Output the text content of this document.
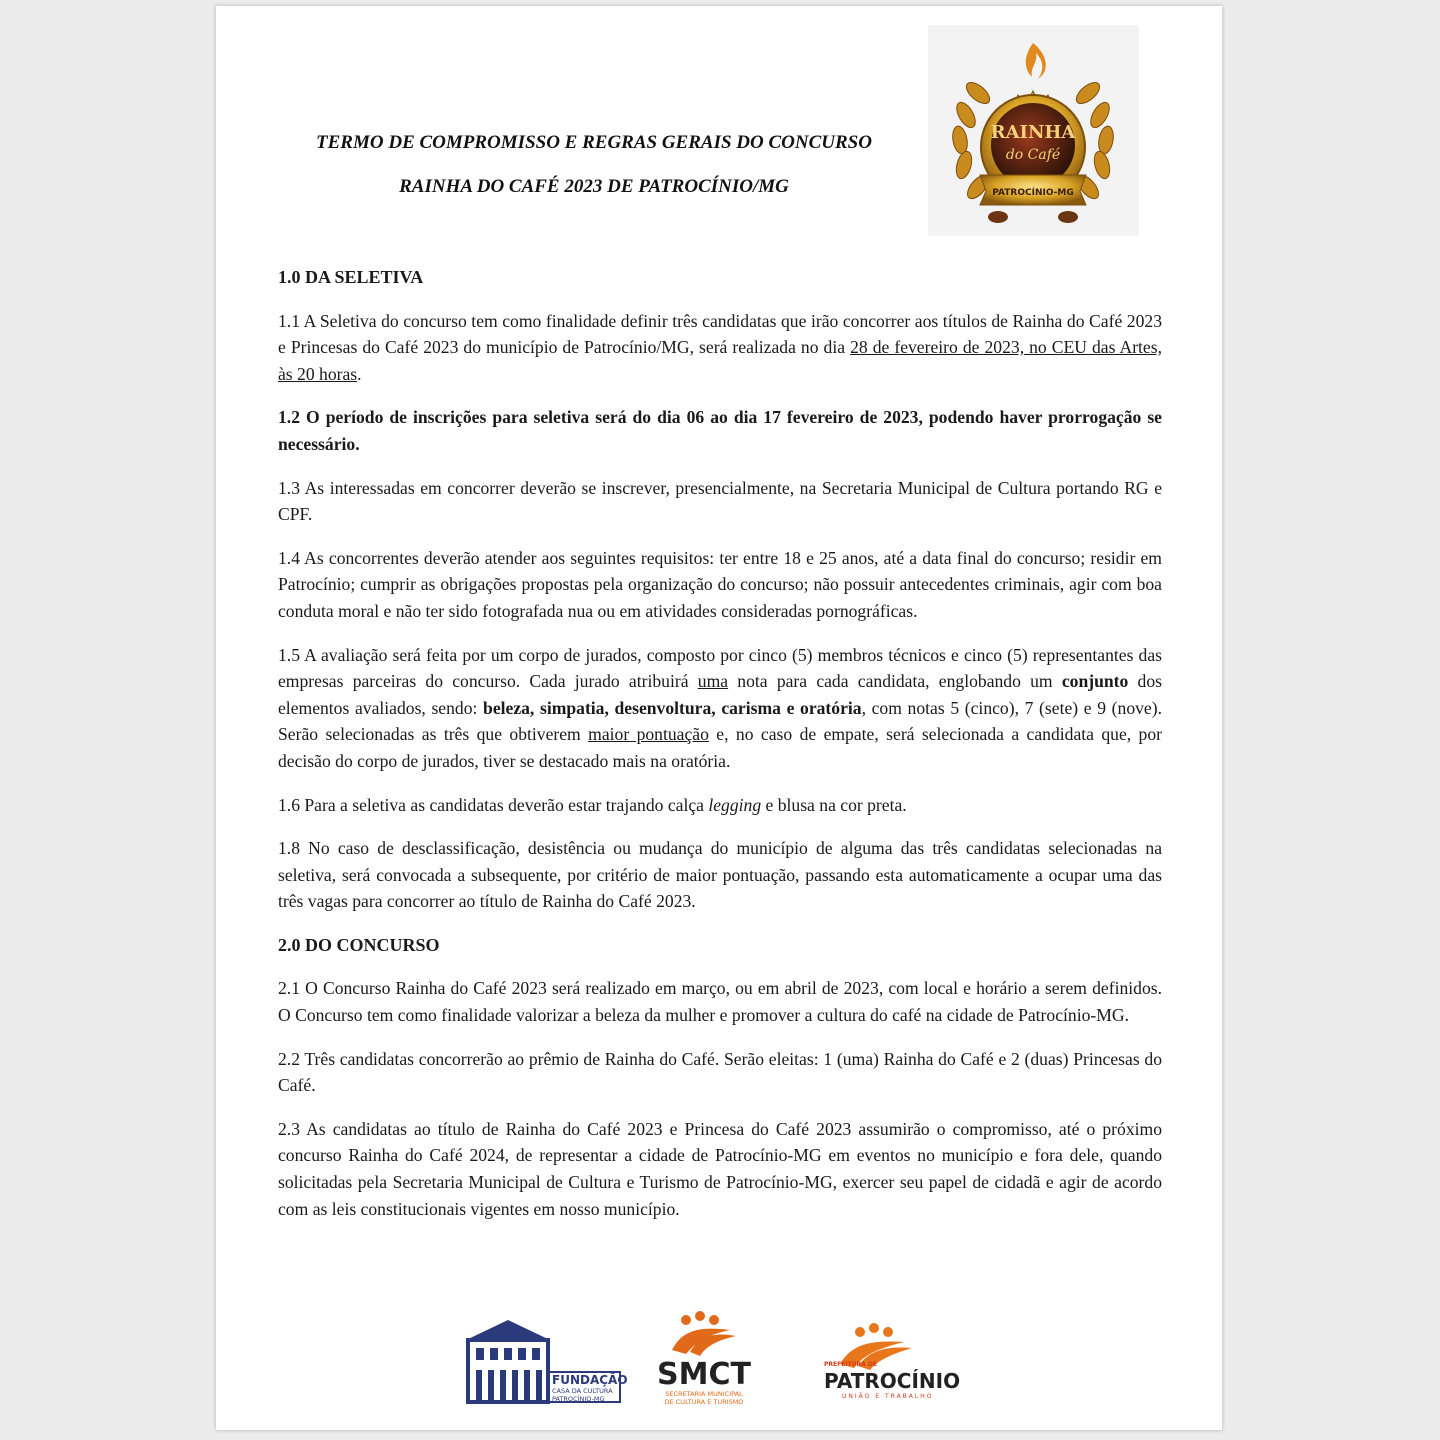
TERMO DE COMPROMISSO E REGRAS GERAIS DO CONCURSO
RAINHA DO CAFÉ 2023 DE PATROCÍNIO/MG
RAINHA
do Café
PATROCÍNIO-MG
1.0 DA SELETIVA

1.1 A Seletiva do concurso tem como finalidade definir três candidatas que irão concorrer aos títulos de Rainha do Café 2023 e Princesas do Café 2023 do município de Patrocínio/MG, será realizada no dia 28 de fevereiro de 2023, no CEU das Artes, às 20 horas.

1.2 O período de inscrições para seletiva será do dia 06 ao dia 17 fevereiro de 2023, podendo haver prorrogação se necessário.

1.3 As interessadas em concorrer deverão se inscrever, presencialmente, na Secretaria Municipal de Cultura portando RG e CPF.

1.4 As concorrentes deverão atender aos seguintes requisitos: ter entre 18 e 25 anos, até a data final do concurso; residir em Patrocínio; cumprir as obrigações propostas pela organização do concurso; não possuir antecedentes criminais, agir com boa conduta moral e não ter sido fotografada nua ou em atividades consideradas pornográficas.

1.5 A avaliação será feita por um corpo de jurados, composto por cinco (5) membros técnicos e cinco (5) representantes das empresas parceiras do concurso. Cada jurado atribuirá uma nota para cada candidata, englobando um conjunto dos elementos avaliados, sendo: beleza, simpatia, desenvoltura, carisma e oratória, com notas 5 (cinco), 7 (sete) e 9 (nove). Serão selecionadas as três que obtiverem maior pontuação e, no caso de empate, será selecionada a candidata que, por decisão do corpo de jurados, tiver se destacado mais na oratória.

1.6 Para a seletiva as candidatas deverão estar trajando calça legging e blusa na cor preta.

1.8 No caso de desclassificação, desistência ou mudança do município de alguma das três candidatas selecionadas na seletiva, será convocada a subsequente, por critério de maior pontuação, passando esta automaticamente a ocupar uma das três vagas para concorrer ao título de Rainha do Café 2023.

2.0 DO CONCURSO

2.1 O Concurso Rainha do Café 2023 será realizado em março, ou em abril de 2023, com local e horário a serem definidos. O Concurso tem como finalidade valorizar a beleza da mulher e promover a cultura do café na cidade de Patrocínio-MG.

2.2 Três candidatas concorrerão ao prêmio de Rainha do Café. Serão eleitas: 1 (uma) Rainha do Café e 2 (duas) Princesas do Café.

2.3 As candidatas ao título de Rainha do Café 2023 e Princesa do Café 2023 assumirão o compromisso, até o próximo concurso Rainha do Café 2024, de representar a cidade de Patrocínio-MG em eventos no município e fora dele, quando solicitadas pela Secretaria Municipal de Cultura e Turismo de Patrocínio-MG, exercer seu papel de cidadã e agir de acordo com as leis constitucionais vigentes em nosso município.

FUNDAÇÃO
CASA DA CULTURA
PATROCÍNIO-MG
SMCT
SECRETARIA MUNICIPAL
DE CULTURA E TURISMO
PREFEITURA DE
PATROCÍNIO
UNIÃO E TRABALHO
